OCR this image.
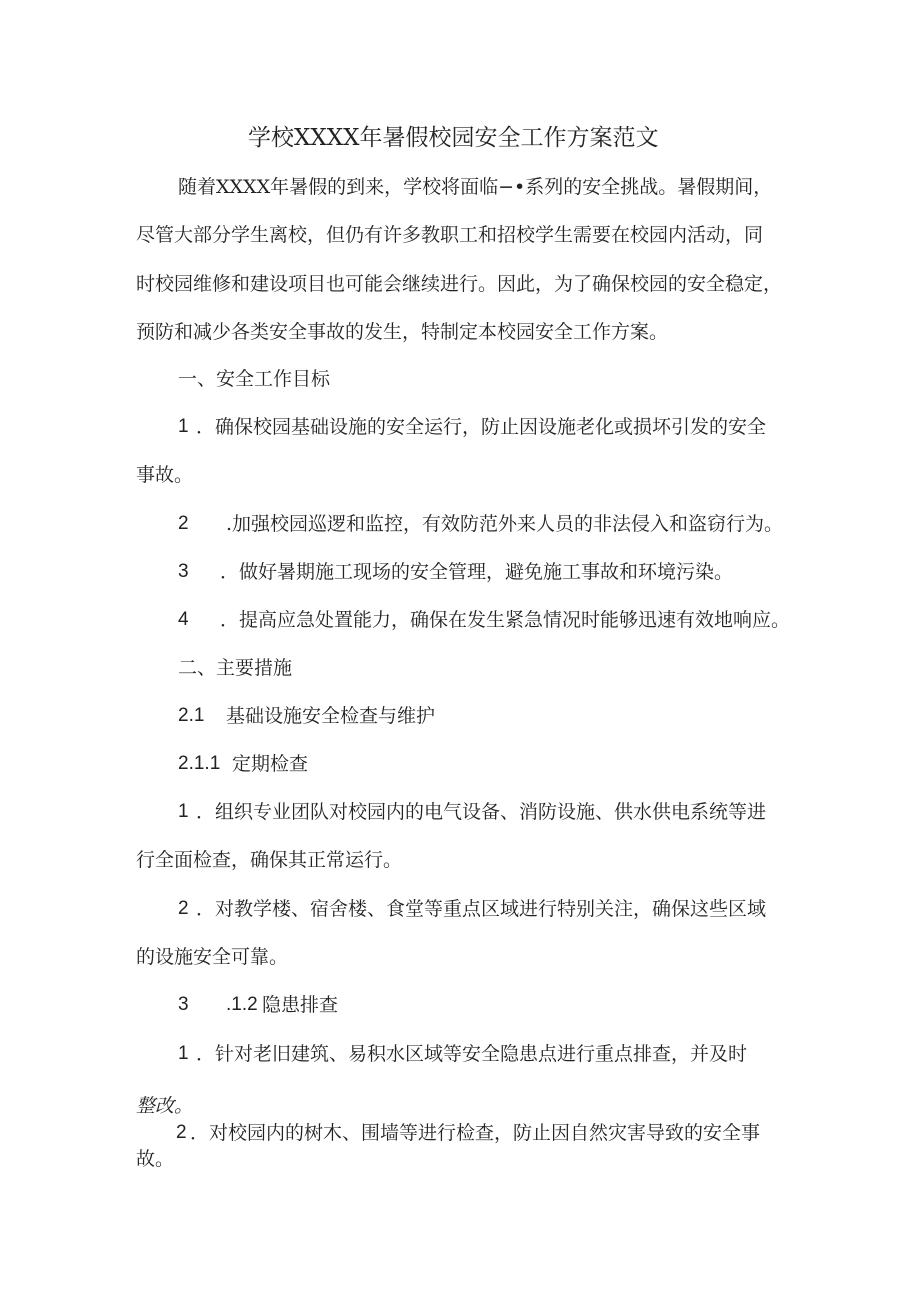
学校XXXX年暑假校园安全工作方案范文
随着XXXX年暑假的到来，学校将面临−•系列的安全挑战。暑假期间，
尽管大部分学生离校，但仍有许多教职工和招校学生需要在校园内活动，同
时校园维修和建设项目也可能会继续进行。因此，为了确保校园的安全稳定，
预防和减少各类安全事故的发生，特制定本校园安全工作方案。
一、安全工作目标
1 ．确保校园基础设施的安全运行，防止因设施老化或损坏引发的安全
事故。
2 .加强校园巡逻和监控，有效防范外来人员的非法侵入和盗窃行为。
3 ．做好暑期施工现场的安全管理，避免施工事故和环境污染。
4 ．提高应急处置能力，确保在发生紧急情况时能够迅速有效地响应。
二、主要措施
2.1 基础设施安全检查与维护
2.1.1 定期检查
1 ．组织专业团队对校园内的电气设备、消防设施、供水供电系统等进
行全面检查，确保其正常运行。
2 ．对教学楼、宿舍楼、食堂等重点区域进行特别关注，确保这些区域
的设施安全可靠。
3 .1.2 隐患排查
1 ．针对老旧建筑、易积水区域等安全隐患点进行重点排查，并及时
整改。
2 ．对校园内的树木、围墙等进行检查，防止因自然灾害导致的安全事
故。
